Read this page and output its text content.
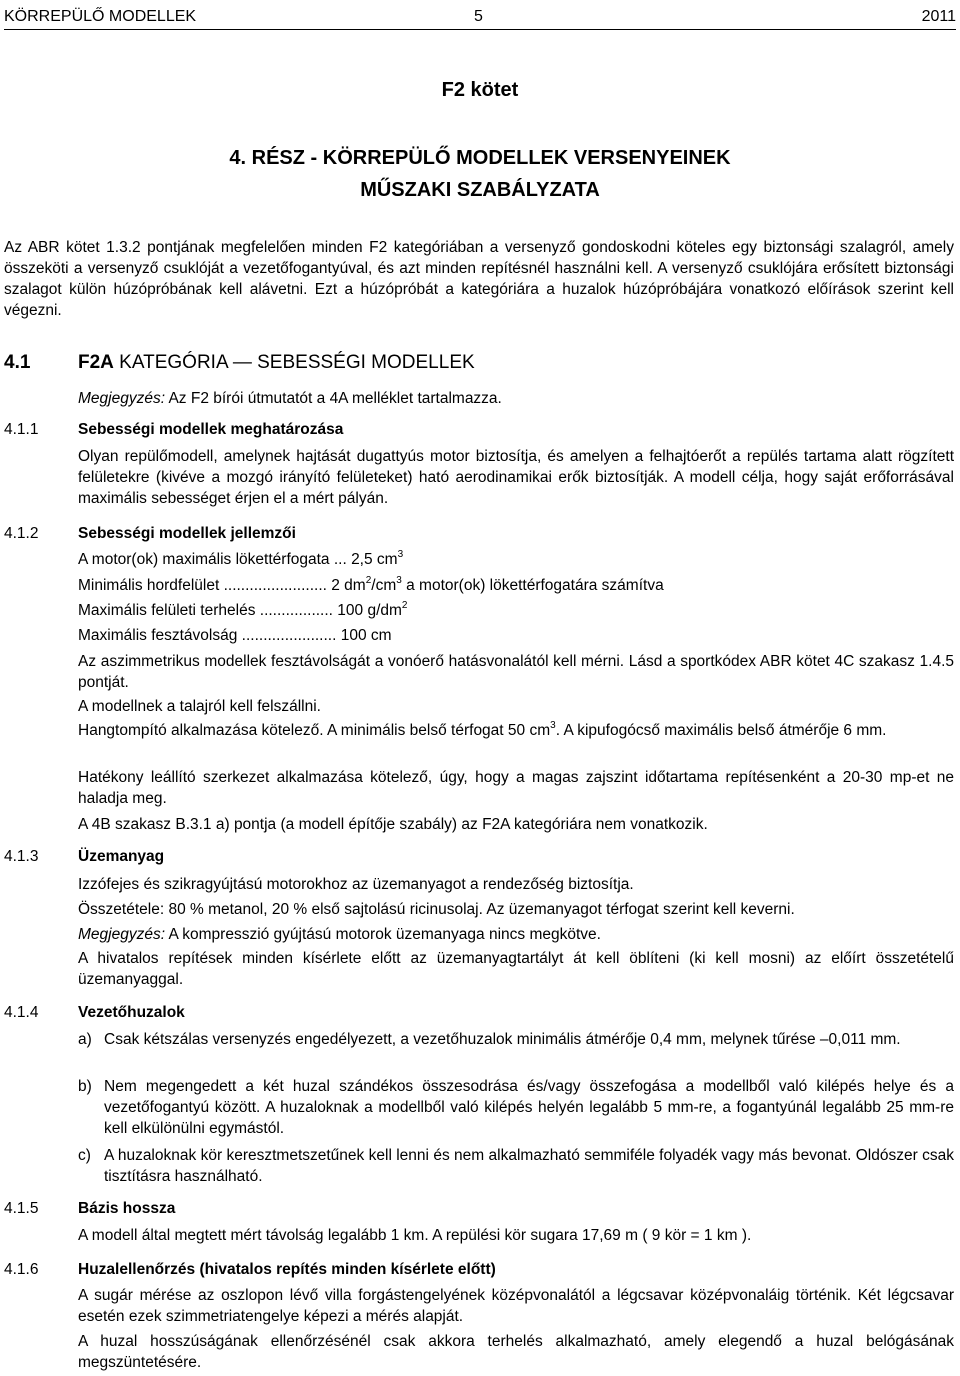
KÖRREPÜLŐ MODELLEK	5	2011
F2 kötet
4. RÉSZ - KÖRREPÜLŐ MODELLEK VERSENYEINEK
MŰSZAKI SZABÁLYZATA
Az ABR kötet 1.3.2 pontjának megfelelően minden F2 kategóriában a versenyző gondoskodni köteles egy biztonsági szalagról, amely összeköti a versenyző csuklóját a vezetőfogantyúval, és azt minden repítésnél használni kell. A versenyző csuklójára erősített biztonsági szalagot külön húzópróbának kell alávetni. Ezt a húzópróbát a kategóriára a huzalok húzópróbájára vonatkozó előírások szerint kell végezni.
4.1	F2A KATEGÓRIA — SEBESSÉGI MODELLEK
Megjegyzés: Az F2 bírói útmutatót a 4A melléklet tartalmazza.
4.1.1	Sebességi modellek meghatározása
Olyan repülőmodell, amelynek hajtását dugattyús motor biztosítja, és amelyen a felhajtóerőt a repülés tartama alatt rögzített felületekre (kivéve a mozgó irányító felületeket) ható aerodinamikai erők biztosítják. A modell célja, hogy saját erőforrásával maximális sebességet érjen el a mért pályán.
4.1.2	Sebességi modellek jellemzői
A motor(ok) maximális lökettérfogata ... 2,5 $cm^3$
Minimális hordfelület ........................ 2 $dm^2/cm^3$ a motor(ok) lökettérfogatára számítva
Maximális felületi terhelés ................. 100 $g/dm^2$
Maximális fesztávolság ...................... 100 cm
Az aszimmetrikus modellek fesztávolságát a vonóerő hatásvonalától kell mérni. Lásd a sportkódex ABR kötet 4C szakasz 1.4.5 pontját.
A modellnek a talajról kell felszállni.
Hangtompító alkalmazása kötelező. A minimális belső térfogat 50 $cm^3$. A kipufogócső maximális belső átmérője 6 mm.
Hatékony leállító szerkezet alkalmazása kötelező, úgy, hogy a magas zajszint időtartama repítésenként a 20-30 mp-et ne haladja meg.
A 4B szakasz B.3.1 a) pontja (a modell építője szabály) az F2A kategóriára nem vonatkozik.
4.1.3	Üzemanyag
Izzófejes és szikragyújtású motorokhoz az üzemanyagot a rendezőség biztosítja.
Összetétele: 80 % metanol, 20 % első sajtolású ricinusolaj. Az üzemanyagot térfogat szerint kell keverni.
Megjegyzés: A kompresszió gyújtású motorok üzemanyaga nincs megkötve.
A hivatalos repítések minden kísérlete előtt az üzemanyagtartályt át kell öblíteni (ki kell mosni) az előírt összetételű üzemanyaggal.
4.1.4	Vezetőhuzalok
a) Csak kétszálas versenyzés engedélyezett, a vezetőhuzalok minimális átmérője 0,4 mm, melynek tűrése –0,011 mm.
b) Nem megengedett a két huzal szándékos összesodrása és/vagy összefogása a modellből való kilépés helye és a vezetőfogantyú között. A huzaloknak a modellből való kilépés helyén legalább 5 mm-re, a fogantyúnál legalább 25 mm-re kell elkülönülni egymástól.
c) A huzaloknak kör keresztmetszetűnek kell lenni és nem alkalmazható semmiféle folyadék vagy más bevonat. Oldószer csak tisztításra használható.
4.1.5	Bázis hossza
A modell által megtett mért távolság legalább 1 km. A repülési kör sugara 17,69 m ( 9 kör = 1 km ).
4.1.6	Huzalellenőrzés (hivatalos repítés minden kísérlete előtt)
A sugár mérése az oszlopon lévő villa forgástengelyének középvonalától a légcsavar középvonaláig történik. Két légcsavar esetén ezek szimmetriatengelye képezi a mérés alapját.
A huzal hosszúságának ellenőrzésénél csak akkora terhelés alkalmazható, amely elegendő a huzal belógásának megszüntetésére.
